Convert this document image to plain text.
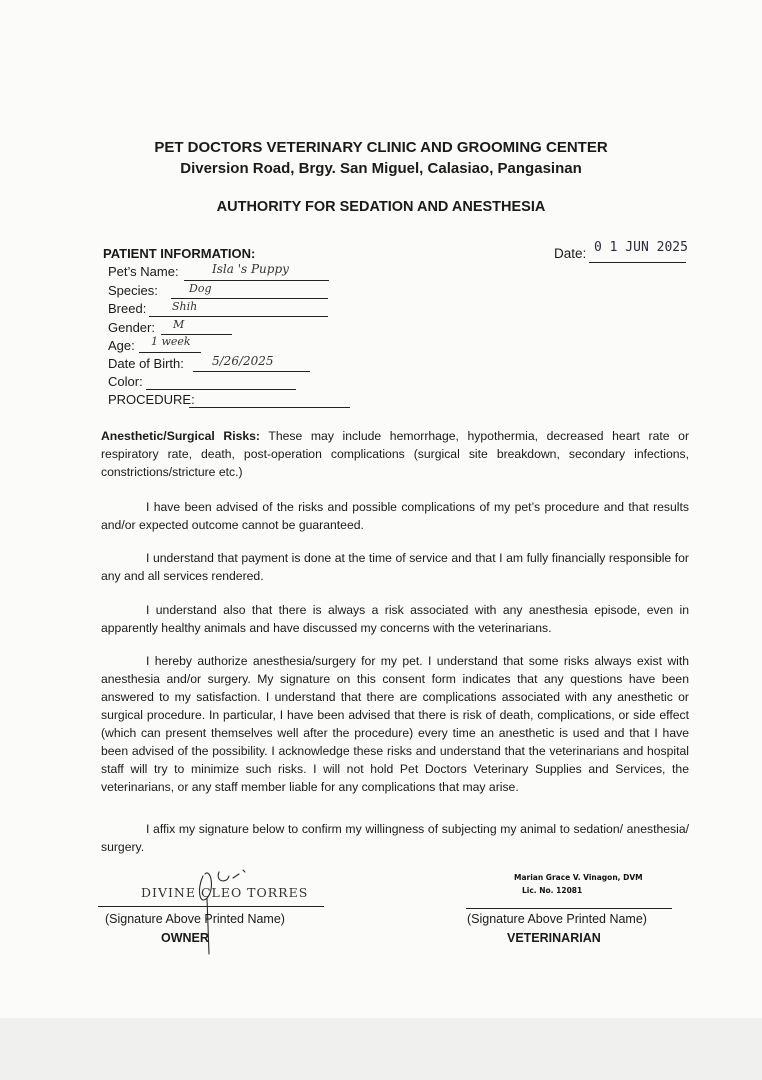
PET DOCTORS VETERINARY CLINIC AND GROOMING CENTER
Diversion Road, Brgy. San Miguel, Calasiao, Pangasinan
AUTHORITY FOR SEDATION AND ANESTHESIA
Date: 0 1 JUN 2025
PATIENT INFORMATION:
Pet’s Name:	Isla 's Puppy
Species:	Dog
Breed: Shih
Gender: M
Age: 1 week
Date of Birth: 5/26/2025
Color:
PROCEDURE:
Anesthetic/Surgical Risks: These may include hemorrhage, hypothermia, decreased heart rate or respiratory rate, death, post-operation complications (surgical site breakdown, secondary infections, constrictions/stricture etc.)
I have been advised of the risks and possible complications of my pet’s procedure and that results and/or expected outcome cannot be guaranteed.
I understand that payment is done at the time of service and that I am fully financially responsible for any and all services rendered.
I understand also that there is always a risk associated with any anesthesia episode, even in apparently healthy animals and have discussed my concerns with the veterinarians.
I hereby authorize anesthesia/surgery for my pet. I understand that some risks always exist with anesthesia and/or surgery. My signature on this consent form indicates that any questions have been answered to my satisfaction. I understand that there are complications associated with any anesthetic or surgical procedure. In particular, I have been advised that there is risk of death, complications, or side effect (which can present themselves well after the procedure) every time an anesthetic is used and that I have been advised of the possibility. I acknowledge these risks and understand that the veterinarians and hospital staff will try to minimize such risks. I will not hold Pet Doctors Veterinary Supplies and Services, the veterinarians, or any staff member liable for any complications that may arise.
I affix my signature below to confirm my willingness of subjecting my animal to sedation/ anesthesia/ surgery.
DIVINE CLEO TORRES
(Signature Above Printed Name)
OWNER
Marian Grace V. Vinagon, DVM
Lic. No. 12081
(Signature Above Printed Name)
VETERINARIAN
